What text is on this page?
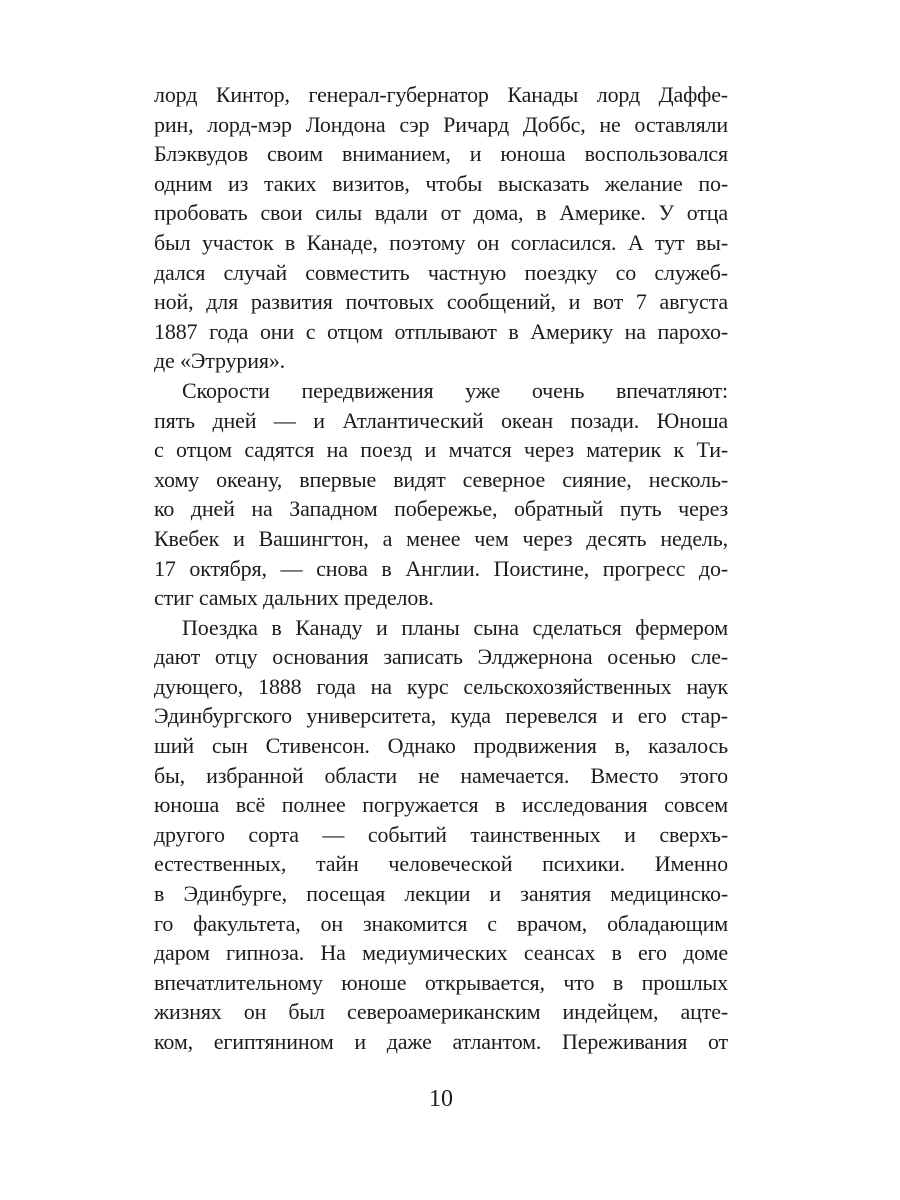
лорд Кинтор, генерал-губернатор Канады лорд Даффе-
рин, лорд-мэр Лондона сэр Ричард Доббс, не оставляли
Блэквудов своим вниманием, и юноша воспользовался
одним из таких визитов, чтобы высказать желание по-
пробовать свои силы вдали от дома, в Америке. У отца
был участок в Канаде, поэтому он согласился. А тут вы-
дался случай совместить частную поездку со служеб-
ной, для развития почтовых сообщений, и вот 7 августа
1887 года они с отцом отплывают в Америку на парохо-
де «Этрурия».
Скорости передвижения уже очень впечатляют:
пять дней — и Атлантический океан позади. Юноша
с отцом садятся на поезд и мчатся через материк к Ти-
хому океану, впервые видят северное сияние, несколь-
ко дней на Западном побережье, обратный путь через
Квебек и Вашингтон, а менее чем через десять недель,
17 октября, — снова в Англии. Поистине, прогресс до-
стиг самых дальних пределов.
Поездка в Канаду и планы сына сделаться фермером
дают отцу основания записать Элджернона осенью сле-
дующего, 1888 года на курс сельскохозяйственных наук
Эдинбургского университета, куда перевелся и его стар-
ший сын Стивенсон. Однако продвижения в, казалось
бы, избранной области не намечается. Вместо этого
юноша всё полнее погружается в исследования совсем
другого сорта — событий таинственных и сверхъ-
естественных, тайн человеческой психики. Именно
в Эдинбурге, посещая лекции и занятия медицинско-
го факультета, он знакомится с врачом, обладающим
даром гипноза. На медиумических сеансах в его доме
впечатлительному юноше открывается, что в прошлых
жизнях он был североамериканским индейцем, ацте-
ком, египтянином и даже атлантом. Переживания от
10
